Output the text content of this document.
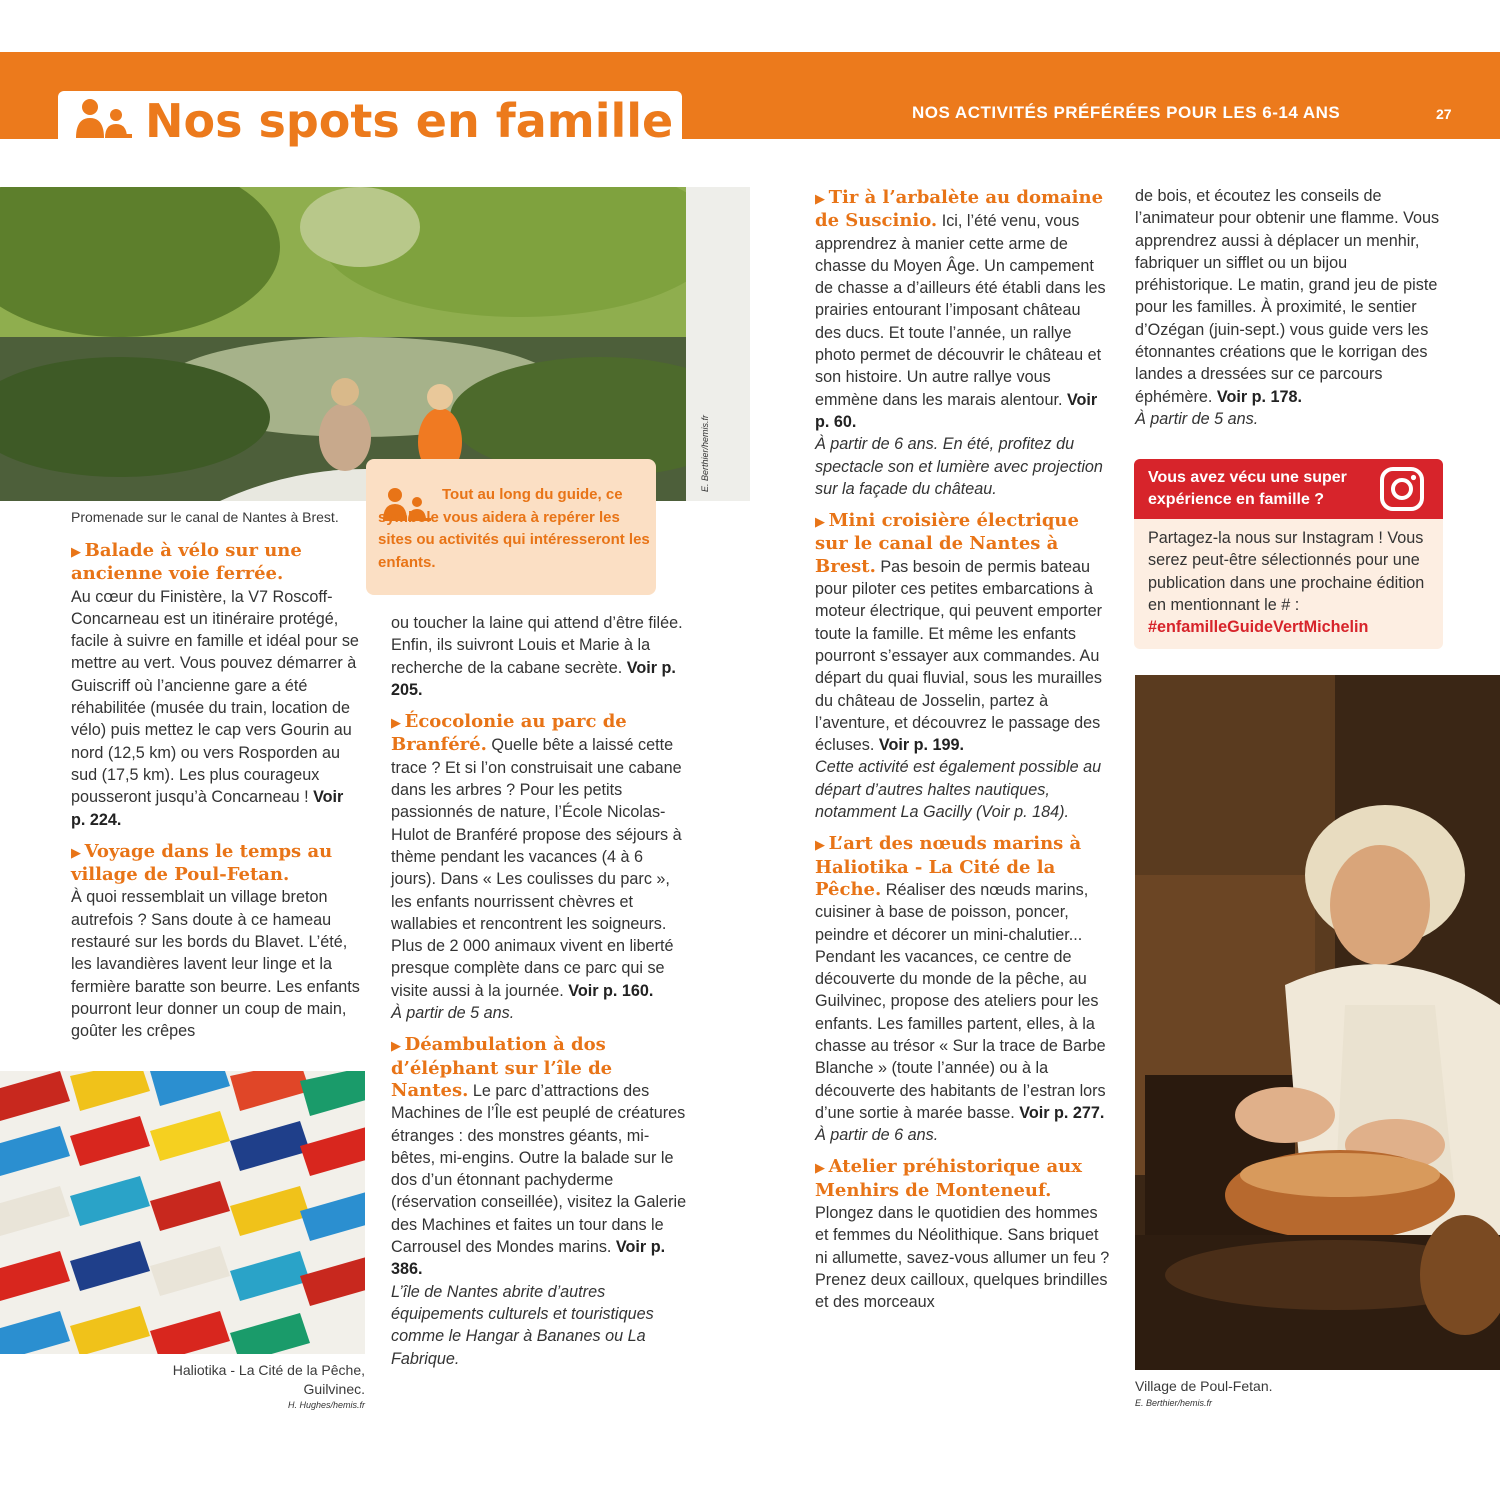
Nos spots en famille	NOS ACTIVITÉS PRÉFÉRÉES POUR LES 6-14 ANS	27
E. Berthier/hemis.fr
Promenade sur le canal de Nantes à Brest.
Tout au long du guide, ce symbole vous aidera à repérer les sites ou activités qui intéresseront les enfants.

▶ Balade à vélo sur une ancienne voie ferrée.
Au cœur du Finistère, la V7 Roscoff-Concarneau est un itinéraire protégé, facile à suivre en famille et idéal pour se mettre au vert. Vous pouvez démarrer à Guiscriff où l’ancienne gare a été réhabilitée (musée du train, location de vélo) puis mettez le cap vers Gourin au nord (12,5 km) ou vers Rosporden au sud (17,5 km). Les plus courageux pousseront jusqu’à Concarneau ! Voir p. 224.

▶ Voyage dans le temps au village de Poul-Fetan.
À quoi ressemblait un village breton autrefois ? Sans doute à ce hameau restauré sur les bords du Blavet. L’été, les lavandières lavent leur linge et la fermière baratte son beurre. Les enfants pourront leur donner un coup de main, goûter les crêpes

Haliotika - La Cité de la Pêche,
Guilvinec.
H. Hughes/hemis.fr

ou toucher la laine qui attend d’être filée. Enfin, ils suivront Louis et Marie à la recherche de la cabane secrète. Voir p. 205.

▶ Écocolonie au parc de Branféré. Quelle bête a laissé cette trace ? Et si l’on construisait une cabane dans les arbres ? Pour les petits passionnés de nature, l’École Nicolas-Hulot de Branféré propose des séjours à thème pendant les vacances (4 à 6 jours). Dans « Les coulisses du parc », les enfants nourrissent chèvres et wallabies et rencontrent les soigneurs. Plus de 2 000 animaux vivent en liberté presque complète dans ce parc qui se visite aussi à la journée. Voir p. 160.

À partir de 5 ans.

▶ Déambulation à dos d’éléphant sur l’île de Nantes. Le parc d’attractions des Machines de l’Île est peuplé de créatures étranges : des monstres géants, mi-bêtes, mi-engins. Outre la balade sur le dos d’un étonnant pachyderme (réservation conseillée), visitez la Galerie des Machines et faites un tour dans le Carrousel des Mondes marins. Voir p. 386.

L’île de Nantes abrite d’autres équipements culturels et touristiques comme le Hangar à Bananes ou La Fabrique.

▶ Tir à l’arbalète au domaine de Suscinio. Ici, l’été venu, vous apprendrez à manier cette arme de chasse du Moyen Âge. Un campement de chasse a d’ailleurs été établi dans les prairies entourant l’imposant château des ducs. Et toute l’année, un rallye photo permet de découvrir le château et son histoire. Un autre rallye vous emmène dans les marais alentour. Voir p. 60.

À partir de 6 ans. En été, profitez du spectacle son et lumière avec projection sur la façade du château.

▶ Mini croisière électrique sur le canal de Nantes à Brest. Pas besoin de permis bateau pour piloter ces petites embarcations à moteur électrique, qui peuvent emporter toute la famille. Et même les enfants pourront s’essayer aux commandes. Au départ du quai fluvial, sous les murailles du château de Josselin, partez à l’aventure, et découvrez le passage des écluses. Voir p. 199.

Cette activité est également possible au départ d’autres haltes nautiques, notamment La Gacilly (Voir p. 184).

▶ L’art des nœuds marins à Haliotika - La Cité de la Pêche. Réaliser des nœuds marins, cuisiner à base de poisson, poncer, peindre et décorer un mini-chalutier... Pendant les vacances, ce centre de découverte du monde de la pêche, au Guilvinec, propose des ateliers pour les enfants. Les familles partent, elles, à la chasse au trésor « Sur la trace de Barbe Blanche » (toute l’année) ou à la découverte des habitants de l’estran lors d’une sortie à marée basse. Voir p. 277.

À partir de 6 ans.

▶ Atelier préhistorique aux Menhirs de Monteneuf.
Plongez dans le quotidien des hommes et femmes du Néolithique. Sans briquet ni allumette, savez-vous allumer un feu ? Prenez deux cailloux, quelques brindilles et des morceaux

de bois, et écoutez les conseils de l’animateur pour obtenir une flamme. Vous apprendrez aussi à déplacer un menhir, fabriquer un sifflet ou un bijou préhistorique. Le matin, grand jeu de piste pour les familles. À proximité, le sentier d’Ozégan (juin-sept.) vous guide vers les étonnantes créations que le korrigan des landes a dressées sur ce parcours éphémère. Voir p. 178.

À partir de 5 ans.

Vous avez vécu une super expérience en famille ?
Partagez-la nous sur Instagram ! Vous serez peut-être sélectionnés pour une publication dans une prochaine édition en mentionnant le # : #enfamilleGuideVertMichelin
Village de Poul-Fetan.
E. Berthier/hemis.fr
